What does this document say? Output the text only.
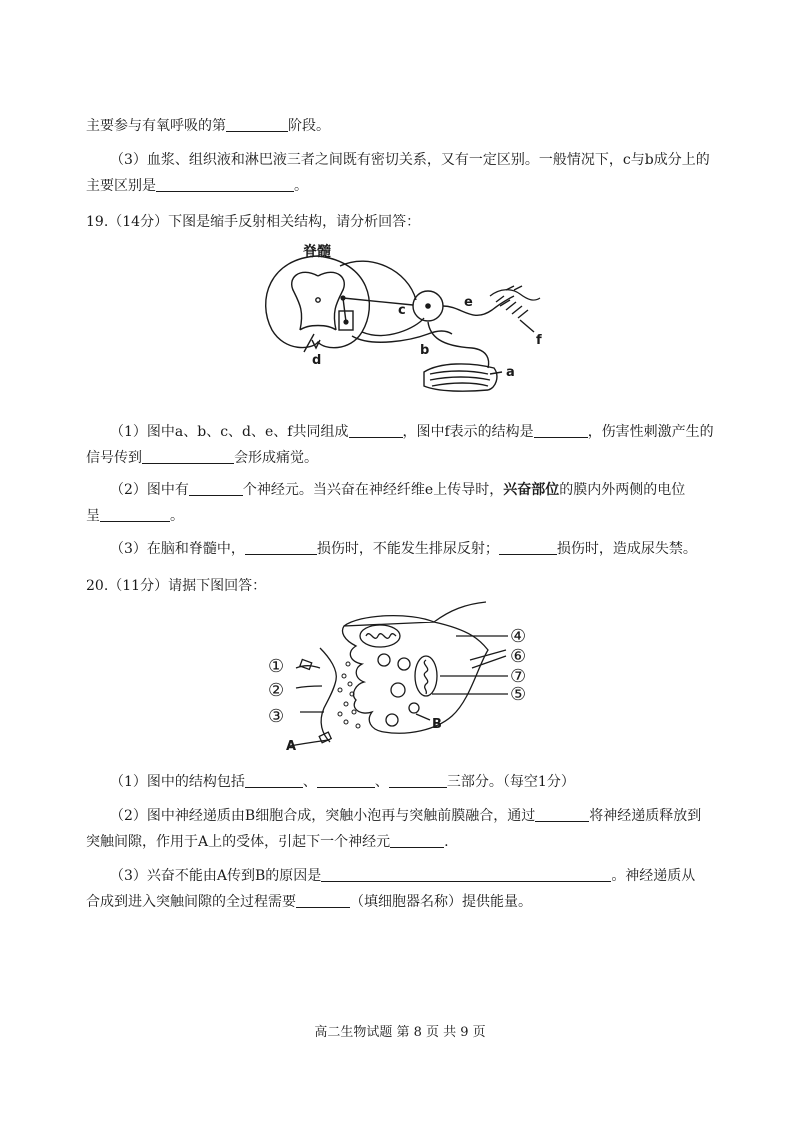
主要参与有氧呼吸的第	阶段。
（3）血浆、组织液和淋巴液三者之间既有密切关系，又有一定区别。一般情况下，c与b成分上的
主要区别是	。
19.（14分）下图是缩手反射相关结构，请分析回答：
脊髓
a
b
c
d
e
f
（1）图中a、b、c、d、e、f共同组成	，图中f表示的结构是	，伤害性刺激产生的
信号传到	会形成痛觉。
（2）图中有	个神经元。当兴奋在神经纤维e上传导时，兴奋部位的膜内外两侧的电位
呈	。
（3）在脑和脊髓中，	损伤时，不能发生排尿反射；	损伤时，造成尿失禁。
20.（11分）请据下图回答：
①
②
③
④
⑥
⑦
⑤
A
B
（1）图中的结构包括	、	、	三部分。（每空1分）
（2）图中神经递质由B细胞合成，突触小泡再与突触前膜融合，通过	将神经递质释放到
突触间隙，作用于A上的受体，引起下一个神经元	.
（3）兴奋不能由A传到B的原因是	。神经递质从
合成到进入突触间隙的全过程需要	（填细胞器名称）提供能量。
高二生物试题 第 8 页 共 9 页
